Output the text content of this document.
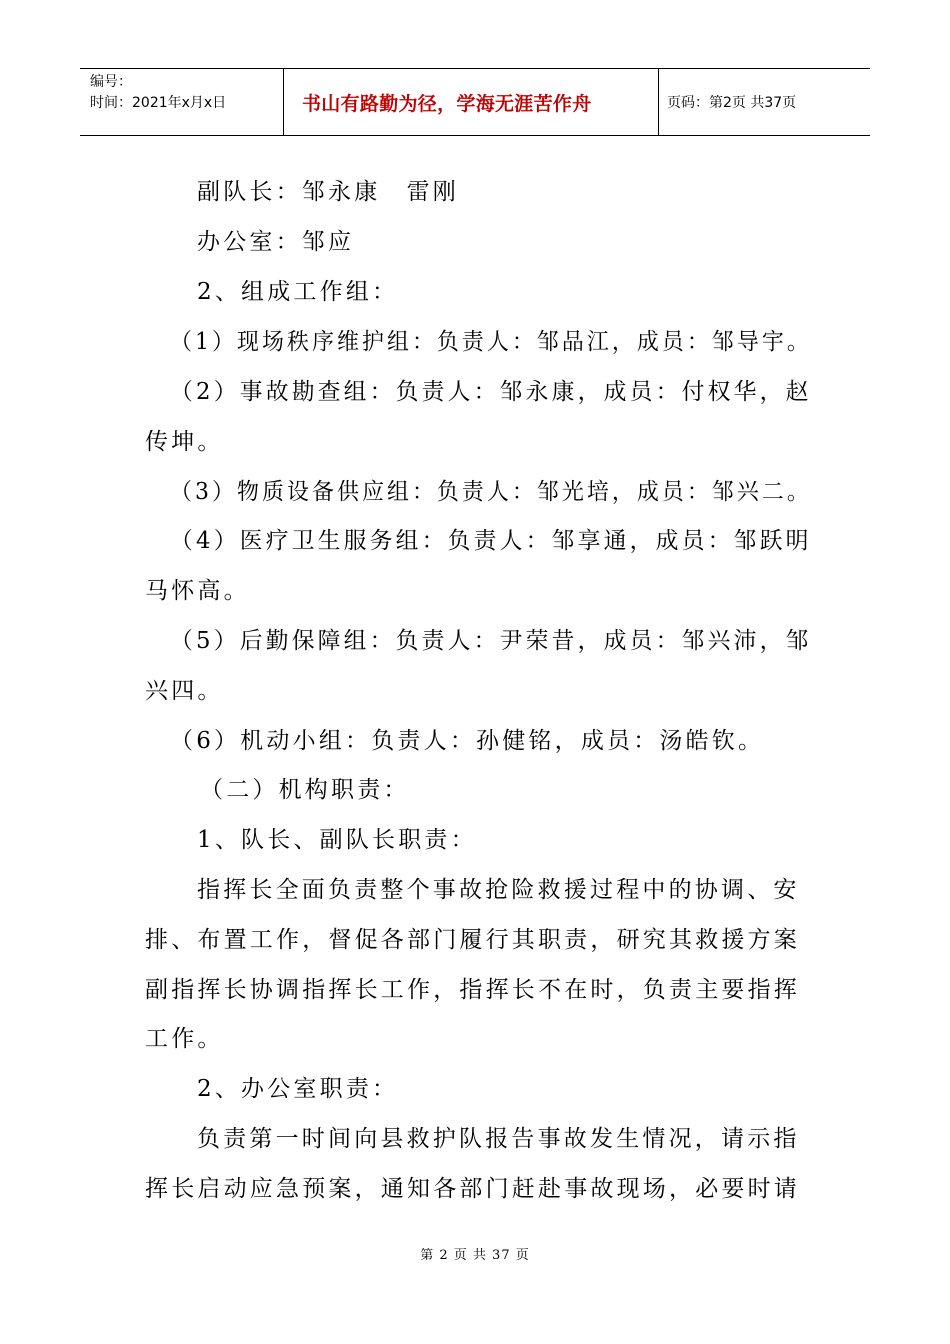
编号：
时间：2021年x月x日	书山有路勤为径，学海无涯苦作舟	页码：第2页 共37页
副队长：邹永康　雷刚
办公室：邹应
2、组成工作组：
（1）现场秩序维护组：负责人：邹品江，成员：邹导宇。
（2）事故勘查组：负责人：邹永康，成员：付权华，赵
传坤。
（3）物质设备供应组：负责人：邹光培，成员：邹兴二。
（4）医疗卫生服务组：负责人：邹享通，成员：邹跃明
马怀高。
（5）后勤保障组：负责人：尹荣昔，成员：邹兴沛，邹
兴四。
（6）机动小组：负责人：孙健铭，成员：汤皓钦。
（二）机构职责：
1、队长、副队长职责：
指挥长全面负责整个事故抢险救援过程中的协调、安
排、布置工作，督促各部门履行其职责，研究其救援方案
副指挥长协调指挥长工作，指挥长不在时，负责主要指挥
工作。
2、办公室职责：
负责第一时间向县救护队报告事故发生情况，请示指
挥长启动应急预案，通知各部门赶赴事故现场，必要时请
第 2 页 共 37 页
